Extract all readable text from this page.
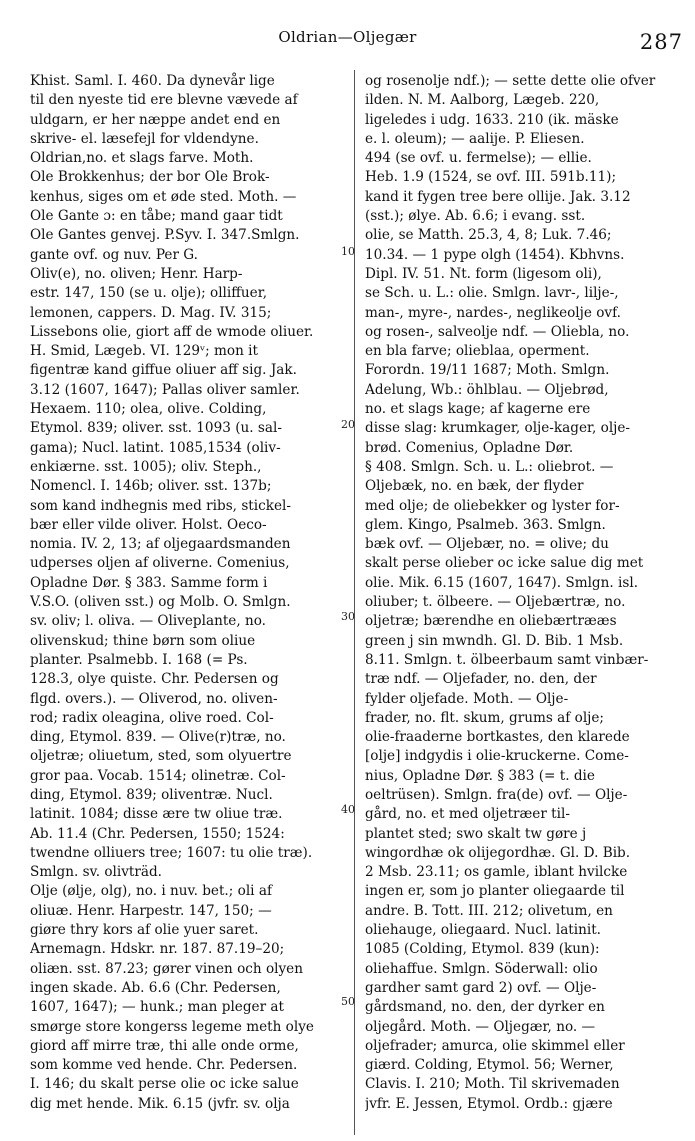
Oldrian—Oljegær	287
Khist. Saml. I. 460. Da dynevår lige
til den nyeste tid ere blevne vævede af
uldgarn, er her næppe andet end en
skrive- el. læsefejl for vldendyne.
Oldrian,no. et slags farve. Moth.
Ole Brokkenhus; der bor Ole Brok-
kenhus, siges om et øde sted. Moth. —
Ole Gante ɔ: en tåbe; mand gaar tidt
Ole Gantes genvej. P.Syv. I. 347.Smlgn.
gante ovf. og nuv. Per G.
Oliv(e), no. oliven; Henr. Harp-
estr. 147, 150 (se u. olje); olliffuer,
lemonen, cappers. D. Mag. IV. 315;
Lissebons olie, giort aff de wmode oliuer.
H. Smid, Lægeb. VI. 129ᵛ; mon it
figentræ kand giffue oliuer aff sig. Jak.
3.12 (1607, 1647); Pallas oliver samler.
Hexaem. 110; olea, olive. Colding,
Etymol. 839; oliver. sst. 1093 (u. sal-
gama); Nucl. latint. 1085,1534 (oliv-
enkiærne. sst. 1005); oliv. Steph.,
Nomencl. I. 146b; oliver. sst. 137b;
som kand indhegnis med ribs, stickel-
bær eller vilde oliver. Holst. Oeco-
nomia. IV. 2, 13; af oljegaardsmanden
udperses oljen af oliverne. Comenius,
Opladne Dør. § 383. Samme form i
V.S.O. (oliven sst.) og Molb. O. Smlgn.
sv. oliv; l. oliva. — Oliveplante, no.
olivenskud; thine børn som oliue
planter. Psalmebb. I. 168 (= Ps.
128.3, olye quiste. Chr. Pedersen og
flgd. overs.). — Oliverod, no. oliven-
rod; radix oleagina, olive roed. Col-
ding, Etymol. 839. — Olive(r)træ, no.
oljetræ; oliuetum, sted, som olyuertre
gror paa. Vocab. 1514; olinetræ. Col-
ding, Etymol. 839; oliventræ. Nucl.
latinit. 1084; disse ære tw oliue træ.
Ab. 11.4 (Chr. Pedersen, 1550; 1524:
twendne olliuers tree; 1607: tu olie træ).
Smlgn. sv. olivträd.
Olje (ølje, olg), no. i nuv. bet.; oli af
oliuæ. Henr. Harpestr. 147, 150; —
giøre thry kors af olie yuer saret.
Arnemagn. Hdskr. nr. 187. 87.19–20;
oliæn. sst. 87.23; gører vinen och olyen
ingen skade. Ab. 6.6 (Chr. Pedersen,
1607, 1647); — hunk.; man pleger at
smørge store kongerss legeme meth olye
giord aff mirre træ, thi alle onde orme,
som komme ved hende. Chr. Pedersen.
I. 146; du skalt perse olie oc icke salue
dig met hende. Mik. 6.15 (jvfr. sv. olja
og rosenolje ndf.); — sette dette olie ofver
ilden. N. M. Aalborg, Lægeb. 220,
ligeledes i udg. 1633. 210 (ik. mäske
e. l. oleum); — aalije. P. Eliesen.
494 (se ovf. u. fermelse); — ellie.
Heb. 1.9 (1524, se ovf. III. 591b.11);
kand it fygen tree bere ollije. Jak. 3.12
(sst.); ølye. Ab. 6.6; i evang. sst.
olie, se Matth. 25.3, 4, 8; Luk. 7.46;
10.34. — 1 pype olgh (1454). Kbhvns.
Dipl. IV. 51. Nt. form (ligesom oli),
se Sch. u. L.: olie. Smlgn. lavr-, lilje-,
man-, myre-, nardes-, neglikeolje ovf.
og rosen-, salveolje ndf. — Oliebla, no.
en bla farve; olieblaa, operment.
Forordn. 19/11 1687; Moth. Smlgn.
Adelung, Wb.: öhlblau. — Oljebrød,
no. et slags kage; af kagerne ere
disse slag: krumkager, olje-kager, olje-
brød. Comenius, Opladne Dør.
§ 408. Smlgn. Sch. u. L.: oliebrot. —
Oljebæk, no. en bæk, der flyder
med olje; de oliebekker og lyster for-
glem. Kingo, Psalmeb. 363. Smlgn.
bæk ovf. — Oljebær, no. = olive; du
skalt perse olieber oc icke salue dig met
olie. Mik. 6.15 (1607, 1647). Smlgn. isl.
oliuber; t. ölbeere. — Oljebærtræ, no.
oljetræ; bærendhe en oliebærtrææs
green j sin mwndh. Gl. D. Bib. 1 Msb.
8.11. Smlgn. t. ölbeerbaum samt vinbær-
træ ndf. — Oljefader, no. den, der
fylder oljefade. Moth. — Olje-
frader, no. flt. skum, grums af olje;
olie-fraaderne bortkastes, den klarede
[olje] indgydis i olie-kruckerne. Come-
nius, Opladne Dør. § 383 (= t. die
oeltrüsen). Smlgn. fra(de) ovf. — Olje-
gård, no. et med oljetræer til-
plantet sted; swo skalt tw gøre j
wingordhæ ok olijegordhæ. Gl. D. Bib.
2 Msb. 23.11; os gamle, iblant hvilcke
ingen er, som jo planter oliegaarde til
andre. B. Tott. III. 212; olivetum, en
oliehauge, oliegaard. Nucl. latinit.
1085 (Colding, Etymol. 839 (kun):
oliehaffue. Smlgn. Söderwall: olio
gardher samt gard 2) ovf. — Olje-
gårdsmand, no. den, der dyrker en
oljegård. Moth. — Oljegær, no. —
oljefrader; amurca, olie skimmel eller
giærd. Colding, Etymol. 56; Werner,
Clavis. I. 210; Moth. Til skrivemaden
jvfr. E. Jessen, Etymol. Ordb.: gjære
10
20
30
40
50
